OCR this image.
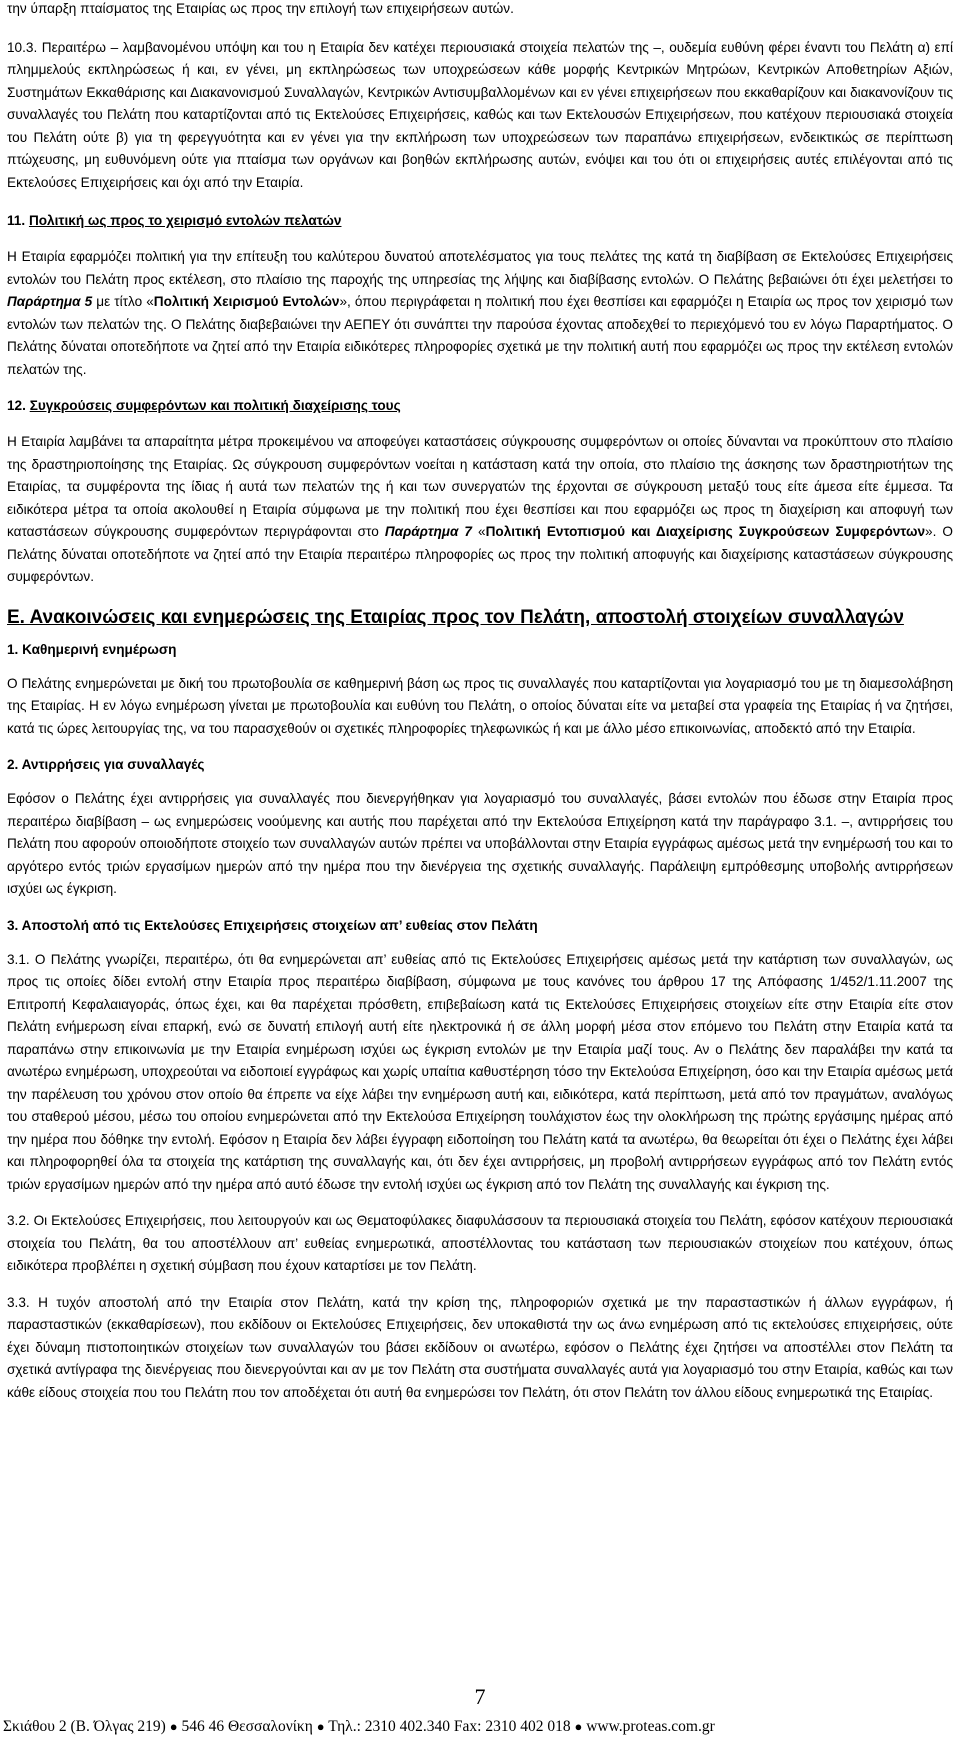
την ύπαρξη πταίσματος της Εταιρίας ως προς την επιλογή των επιχειρήσεων αυτών.

10.3. Περαιτέρω – λαμβανομένου υπόψη και του η Εταιρία δεν κατέχει περιουσιακά στοιχεία πελατών της –, ουδεμία ευθύνη φέρει έναντι του Πελάτη α) επί πλημμελούς εκπληρώσεως ή και, εν γένει, μη εκπληρώσεως των υποχρεώσεων κάθε μορφής Κεντρικών Μητρώων, Κεντρικών Αποθετηρίων Αξιών, Συστημάτων Εκκαθάρισης και Διακανονισμού Συναλλαγών, Κεντρικών Αντισυμβαλλομένων και εν γένει επιχειρήσεων που εκκαθαρίζουν και διακανονίζουν τις συναλλαγές του Πελάτη που καταρτίζονται από τις Εκτελούσες Επιχειρήσεις, καθώς και των Εκτελουσών Επιχειρήσεων, που κατέχουν περιουσιακά στοιχεία του Πελάτη ούτε β) για τη φερεγγυότητα και εν γένει για την εκπλήρωση των υποχρεώσεων των παραπάνω επιχειρήσεων, ενδεικτικώς σε περίπτωση πτώχευσης, μη ευθυνόμενη ούτε για πταίσμα των οργάνων και βοηθών εκπλήρωσης αυτών, ενόψει και του ότι οι επιχειρήσεις αυτές επιλέγονται από τις Εκτελούσες Επιχειρήσεις και όχι από την Εταιρία.

11. Πολιτική ως προς το χειρισμό εντολών πελατών

Η Εταιρία εφαρμόζει πολιτική για την επίτευξη του καλύτερου δυνατού αποτελέσματος για τους πελάτες της κατά τη διαβίβαση σε Εκτελούσες Επιχειρήσεις εντολών του Πελάτη προς εκτέλεση, στο πλαίσιο της παροχής της υπηρεσίας της λήψης και διαβίβασης εντολών. Ο Πελάτης βεβαιώνει ότι έχει μελετήσει το Παράρτημα 5 με τίτλο «Πολιτική Χειρισμού Εντολών», όπου περιγράφεται η πολιτική που έχει θεσπίσει και εφαρμόζει η Εταιρία ως προς τον χειρισμό των εντολών των πελατών της. Ο Πελάτης διαβεβαιώνει την ΑΕΠΕΥ ότι συνάπτει την παρούσα έχοντας αποδεχθεί το περιεχόμενό του εν λόγω Παραρτήματος. Ο Πελάτης δύναται οποτεδήποτε να ζητεί από την Εταιρία ειδικότερες πληροφορίες σχετικά με την πολιτική αυτή που εφαρμόζει ως προς την εκτέλεση εντολών πελατών της.

12. Συγκρούσεις συμφερόντων και πολιτική διαχείρισης τους

Η Εταιρία λαμβάνει τα απαραίτητα μέτρα προκειμένου να αποφεύγει καταστάσεις σύγκρουσης συμφερόντων οι οποίες δύνανται να προκύπτουν στο πλαίσιο της δραστηριοποίησης της Εταιρίας. Ως σύγκρουση συμφερόντων νοείται η κατάσταση κατά την οποία, στο πλαίσιο της άσκησης των δραστηριοτήτων της Εταιρίας, τα συμφέροντα της ίδιας ή αυτά των πελατών της ή και των συνεργατών της έρχονται σε σύγκρουση μεταξύ τους είτε άμεσα είτε έμμεσα. Τα ειδικότερα μέτρα τα οποία ακολουθεί η Εταιρία σύμφωνα με την πολιτική που έχει θεσπίσει και που εφαρμόζει ως προς τη διαχείριση και αποφυγή των καταστάσεων σύγκρουσης συμφερόντων περιγράφονται στο Παράρτημα 7 «Πολιτική Εντοπισμού και Διαχείρισης Συγκρούσεων Συμφερόντων». Ο Πελάτης δύναται οποτεδήποτε να ζητεί από την Εταιρία περαιτέρω πληροφορίες ως προς την πολιτική αποφυγής και διαχείρισης καταστάσεων σύγκρουσης συμφερόντων.

Ε. Ανακοινώσεις και ενημερώσεις της Εταιρίας προς τον Πελάτη, αποστολή στοιχείων συναλλαγών
1. Καθημερινή ενημέρωση

Ο Πελάτης ενημερώνεται με δική του πρωτοβουλία σε καθημερινή βάση ως προς τις συναλλαγές που καταρτίζονται για λογαριασμό του με τη διαμεσολάβηση της Εταιρίας. Η εν λόγω ενημέρωση γίνεται με πρωτοβουλία και ευθύνη του Πελάτη, ο οποίος δύναται είτε να μεταβεί στα γραφεία της Εταιρίας ή να ζητήσει, κατά τις ώρες λειτουργίας της, να του παρασχεθούν οι σχετικές πληροφορίες τηλεφωνικώς ή και με άλλο μέσο επικοινωνίας, αποδεκτό από την Εταιρία.

2. Αντιρρήσεις για συναλλαγές

Εφόσον ο Πελάτης έχει αντιρρήσεις για συναλλαγές που διενεργήθηκαν για λογαριασμό του συναλλαγές, βάσει εντολών που έδωσε στην Εταιρία προς περαιτέρω διαβίβαση – ως ενημερώσεις νοούμενης και αυτής που παρέχεται από την Εκτελούσα Επιχείρηση κατά την παράγραφο 3.1. –, αντιρρήσεις του Πελάτη που αφορούν οποιοδήποτε στοιχείο των συναλλαγών αυτών πρέπει να υποβάλλονται στην Εταιρία εγγράφως αμέσως μετά την ενημέρωσή του και το αργότερο εντός τριών εργασίμων ημερών από την ημέρα που την διενέργεια της σχετικής συναλλαγής. Παράλειψη εμπρόθεσμης υποβολής αντιρρήσεων ισχύει ως έγκριση.

3. Αποστολή από τις Εκτελούσες Επιχειρήσεις στοιχείων απ’ ευθείας στον Πελάτη

3.1. Ο Πελάτης γνωρίζει, περαιτέρω, ότι θα ενημερώνεται απ’ ευθείας από τις Εκτελούσες Επιχειρήσεις αμέσως μετά την κατάρτιση των συναλλαγών, ως προς τις οποίες δίδει εντολή στην Εταιρία προς περαιτέρω διαβίβαση, σύμφωνα με τους κανόνες του άρθρου 17 της Απόφασης 1/452/1.11.2007 της Επιτροπή Κεφαλαιαγοράς, όπως έχει, και θα παρέχεται πρόσθετη, επιβεβαίωση κατά τις Εκτελούσες Επιχειρήσεις στοιχείων είτε στην Εταιρία είτε στον Πελάτη ενήμερωση είναι επαρκή, ενώ σε δυνατή επιλογή αυτή είτε ηλεκτρονικά ή σε άλλη μορφή μέσα στον επόμενο του Πελάτη στην Εταιρία κατά τα παραπάνω στην επικοινωνία με την Εταιρία ενημέρωση ισχύει ως έγκριση εντολών με την Εταιρία μαζί τους. Αν ο Πελάτης δεν παραλάβει την κατά τα ανωτέρω ενημέρωση, υποχρεούται να ειδοποιεί εγγράφως και χωρίς υπαίτια καθυστέρηση τόσο την Εκτελούσα Επιχείρηση, όσο και την Εταιρία αμέσως μετά την παρέλευση του χρόνου στον οποίο θα έπρεπε να είχε λάβει την ενημέρωση αυτή και, ειδικότερα, κατά περίπτωση, μετά από τον πραγμάτων, αναλόγως του σταθερού μέσου, μέσω του οποίου ενημερώνεται από την Εκτελούσα Επιχείρηση τουλάχιστον έως την ολοκλήρωση της πρώτης εργάσιμης ημέρας από την ημέρα που δόθηκε την εντολή. Εφόσον η Εταιρία δεν λάβει έγγραφη ειδοποίηση του Πελάτη κατά τα ανωτέρω, θα θεωρείται ότι έχει ο Πελάτης έχει λάβει και πληροφορηθεί όλα τα στοιχεία της κατάρτιση της συναλλαγής και, ότι δεν έχει αντιρρήσεις, μη προβολή αντιρρήσεων εγγράφως από τον Πελάτη εντός τριών εργασίμων ημερών από την ημέρα από αυτό έδωσε την εντολή ισχύει ως έγκριση από τον Πελάτη της συναλλαγής και έγκριση της.

3.2. Οι Εκτελούσες Επιχειρήσεις, που λειτουργούν και ως Θεματοφύλακες διαφυλάσσουν τα περιουσιακά στοιχεία του Πελάτη, εφόσον κατέχουν περιουσιακά στοιχεία του Πελάτη, θα του αποστέλλουν απ’ ευθείας ενημερωτικά, αποστέλλοντας του κατάσταση των περιουσιακών στοιχείων που κατέχουν, όπως ειδικότερα προβλέπει η σχετική σύμβαση που έχουν καταρτίσει με τον Πελάτη.

3.3. Η τυχόν αποστολή από την Εταιρία στον Πελάτη, κατά την κρίση της, πληροφοριών σχετικά με την παρασταστικών ή άλλων εγγράφων, ή παρασταστικών (εκκαθαρίσεων), που εκδίδουν οι Εκτελούσες Επιχειρήσεις, δεν υποκαθιστά την ως άνω ενημέρωση από τις εκτελούσες επιχειρήσεις, ούτε έχει δύναμη πιστοποιητικών στοιχείων των συναλλαγών του βάσει εκδίδουν οι ανωτέρω, εφόσον ο Πελάτης έχει ζητήσει να αποστέλλει στον Πελάτη τα σχετικά αντίγραφα της διενέργειας που διενεργούνται και αν με τον Πελάτη στα συστήματα συναλλαγές αυτά για λογαριασμό του στην Εταιρία, καθώς και των κάθε είδους στοιχεία που του Πελάτη που τον αποδέχεται ότι αυτή θα ενημερώσει τον Πελάτη, ότι στον Πελάτη τον άλλου είδους ενημερωτικά της Εταιρίας.

7
Σκιάθου 2 (Β. Όλγας 219) ● 546 46 Θεσσαλονίκη ● Τηλ.: 2310 402.340 Fax: 2310 402 018 ● www.proteas.com.gr
